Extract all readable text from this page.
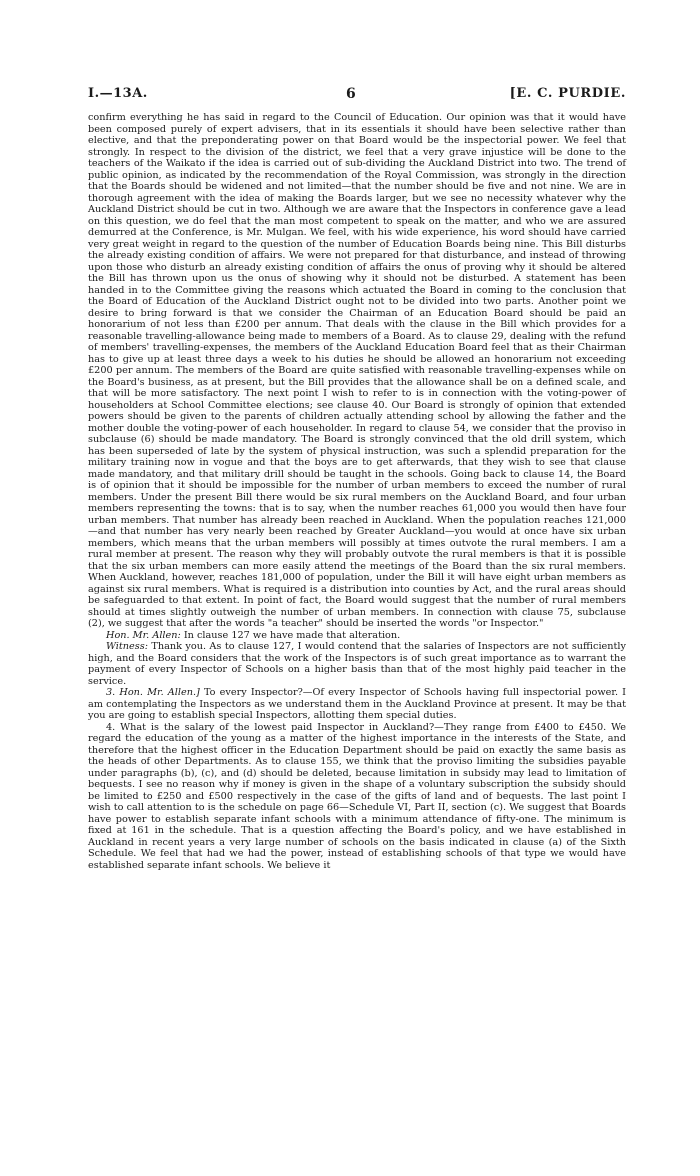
I.—13A.	6	[E. C. PURDIE.

confirm everything he has said in regard to the Council of Education. Our opinion was that it would have been composed purely of expert advisers, that in its essentials it should have been selective rather than elective, and that the preponderating power on that Board would be the inspectorial power. We feel that strongly. In respect to the division of the district, we feel that a very grave injustice will be done to the teachers of the Waikato if the idea is carried out of sub-dividing the Auckland District into two. The trend of public opinion, as indicated by the recommendation of the Royal Commission, was strongly in the direction that the Boards should be widened and not limited—that the number should be five and not nine. We are in thorough agreement with the idea of making the Boards larger, but we see no necessity whatever why the Auckland District should be cut in two. Although we are aware that the Inspectors in conference gave a lead on this question, we do feel that the man most competent to speak on the matter, and who we are assured demurred at the Conference, is Mr. Mulgan. We feel, with his wide experience, his word should have carried very great weight in regard to the question of the number of Education Boards being nine. This Bill disturbs the already existing condition of affairs. We were not prepared for that disturbance, and instead of throwing upon those who disturb an already existing condition of affairs the onus of proving why it should be altered the Bill has thrown upon us the onus of showing why it should not be disturbed. A statement has been handed in to the Committee giving the reasons which actuated the Board in coming to the conclusion that the Board of Education of the Auckland District ought not to be divided into two parts. Another point we desire to bring forward is that we consider the Chairman of an Education Board should be paid an honorarium of not less than £200 per annum. That deals with the clause in the Bill which provides for a reasonable travelling-allowance being made to members of a Board. As to clause 29, dealing with the refund of members' travelling-expenses, the members of the Auckland Education Board feel that as their Chairman has to give up at least three days a week to his duties he should be allowed an honorarium not exceeding £200 per annum. The members of the Board are quite satisfied with reasonable travelling-expenses while on the Board's business, as at present, but the Bill provides that the allowance shall be on a defined scale, and that will be more satisfactory. The next point I wish to refer to is in connection with the voting-power of householders at School Committee elections; see clause 40. Our Board is strongly of opinion that extended powers should be given to the parents of children actually attending school by allowing the father and the mother double the voting-power of each householder. In regard to clause 54, we consider that the proviso in subclause (6) should be made mandatory. The Board is strongly convinced that the old drill system, which has been superseded of late by the system of physical instruction, was such a splendid preparation for the military training now in vogue and that the boys are to get afterwards, that they wish to see that clause made mandatory, and that military drill should be taught in the schools. Going back to clause 14, the Board is of opinion that it should be impossible for the number of urban members to exceed the number of rural members. Under the present Bill there would be six rural members on the Auckland Board, and four urban members representing the towns: that is to say, when the number reaches 61,000 you would then have four urban members. That number has already been reached in Auckland. When the population reaches 121,000—and that number has very nearly been reached by Greater Auckland—you would at once have six urban members, which means that the urban members will possibly at times outvote the rural members. I am a rural member at present. The reason why they will probably outvote the rural members is that it is possible that the six urban members can more easily attend the meetings of the Board than the six rural members. When Auckland, however, reaches 181,000 of population, under the Bill it will have eight urban members as against six rural members. What is required is a distribution into counties by Act, and the rural areas should be safeguarded to that extent. In point of fact, the Board would suggest that the number of rural members should at times slightly outweigh the number of urban members. In connection with clause 75, subclause (2), we suggest that after the words "a teacher" should be inserted the words "or Inspector."

Hon. Mr. Allen: In clause 127 we have made that alteration.

Witness: Thank you. As to clause 127, I would contend that the salaries of Inspectors are not sufficiently high, and the Board considers that the work of the Inspectors is of such great importance as to warrant the payment of every Inspector of Schools on a higher basis than that of the most highly paid teacher in the service.

3. Hon. Mr. Allen.] To every Inspector?—Of every Inspector of Schools having full inspectorial power. I am contemplating the Inspectors as we understand them in the Auckland Province at present. It may be that you are going to establish special Inspectors, allotting them special duties.

4. What is the salary of the lowest paid Inspector in Auckland?—They range from £400 to £450. We regard the education of the young as a matter of the highest importance in the interests of the State, and therefore that the highest officer in the Education Department should be paid on exactly the same basis as the heads of other Departments. As to clause 155, we think that the proviso limiting the subsidies payable under paragraphs (b), (c), and (d) should be deleted, because limitation in subsidy may lead to limitation of bequests. I see no reason why if money is given in the shape of a voluntary subscription the subsidy should be limited to £250 and £500 respectively in the case of the gifts of land and of bequests. The last point I wish to call attention to is the schedule on page 66—Schedule VI, Part II, section (c). We suggest that Boards have power to establish separate infant schools with a minimum attendance of fifty-one. The minimum is fixed at 161 in the schedule. That is a question affecting the Board's policy, and we have established in Auckland in recent years a very large number of schools on the basis indicated in clause (a) of the Sixth Schedule. We feel that had we had the power, instead of establishing schools of that type we would have established separate infant schools. We believe it
